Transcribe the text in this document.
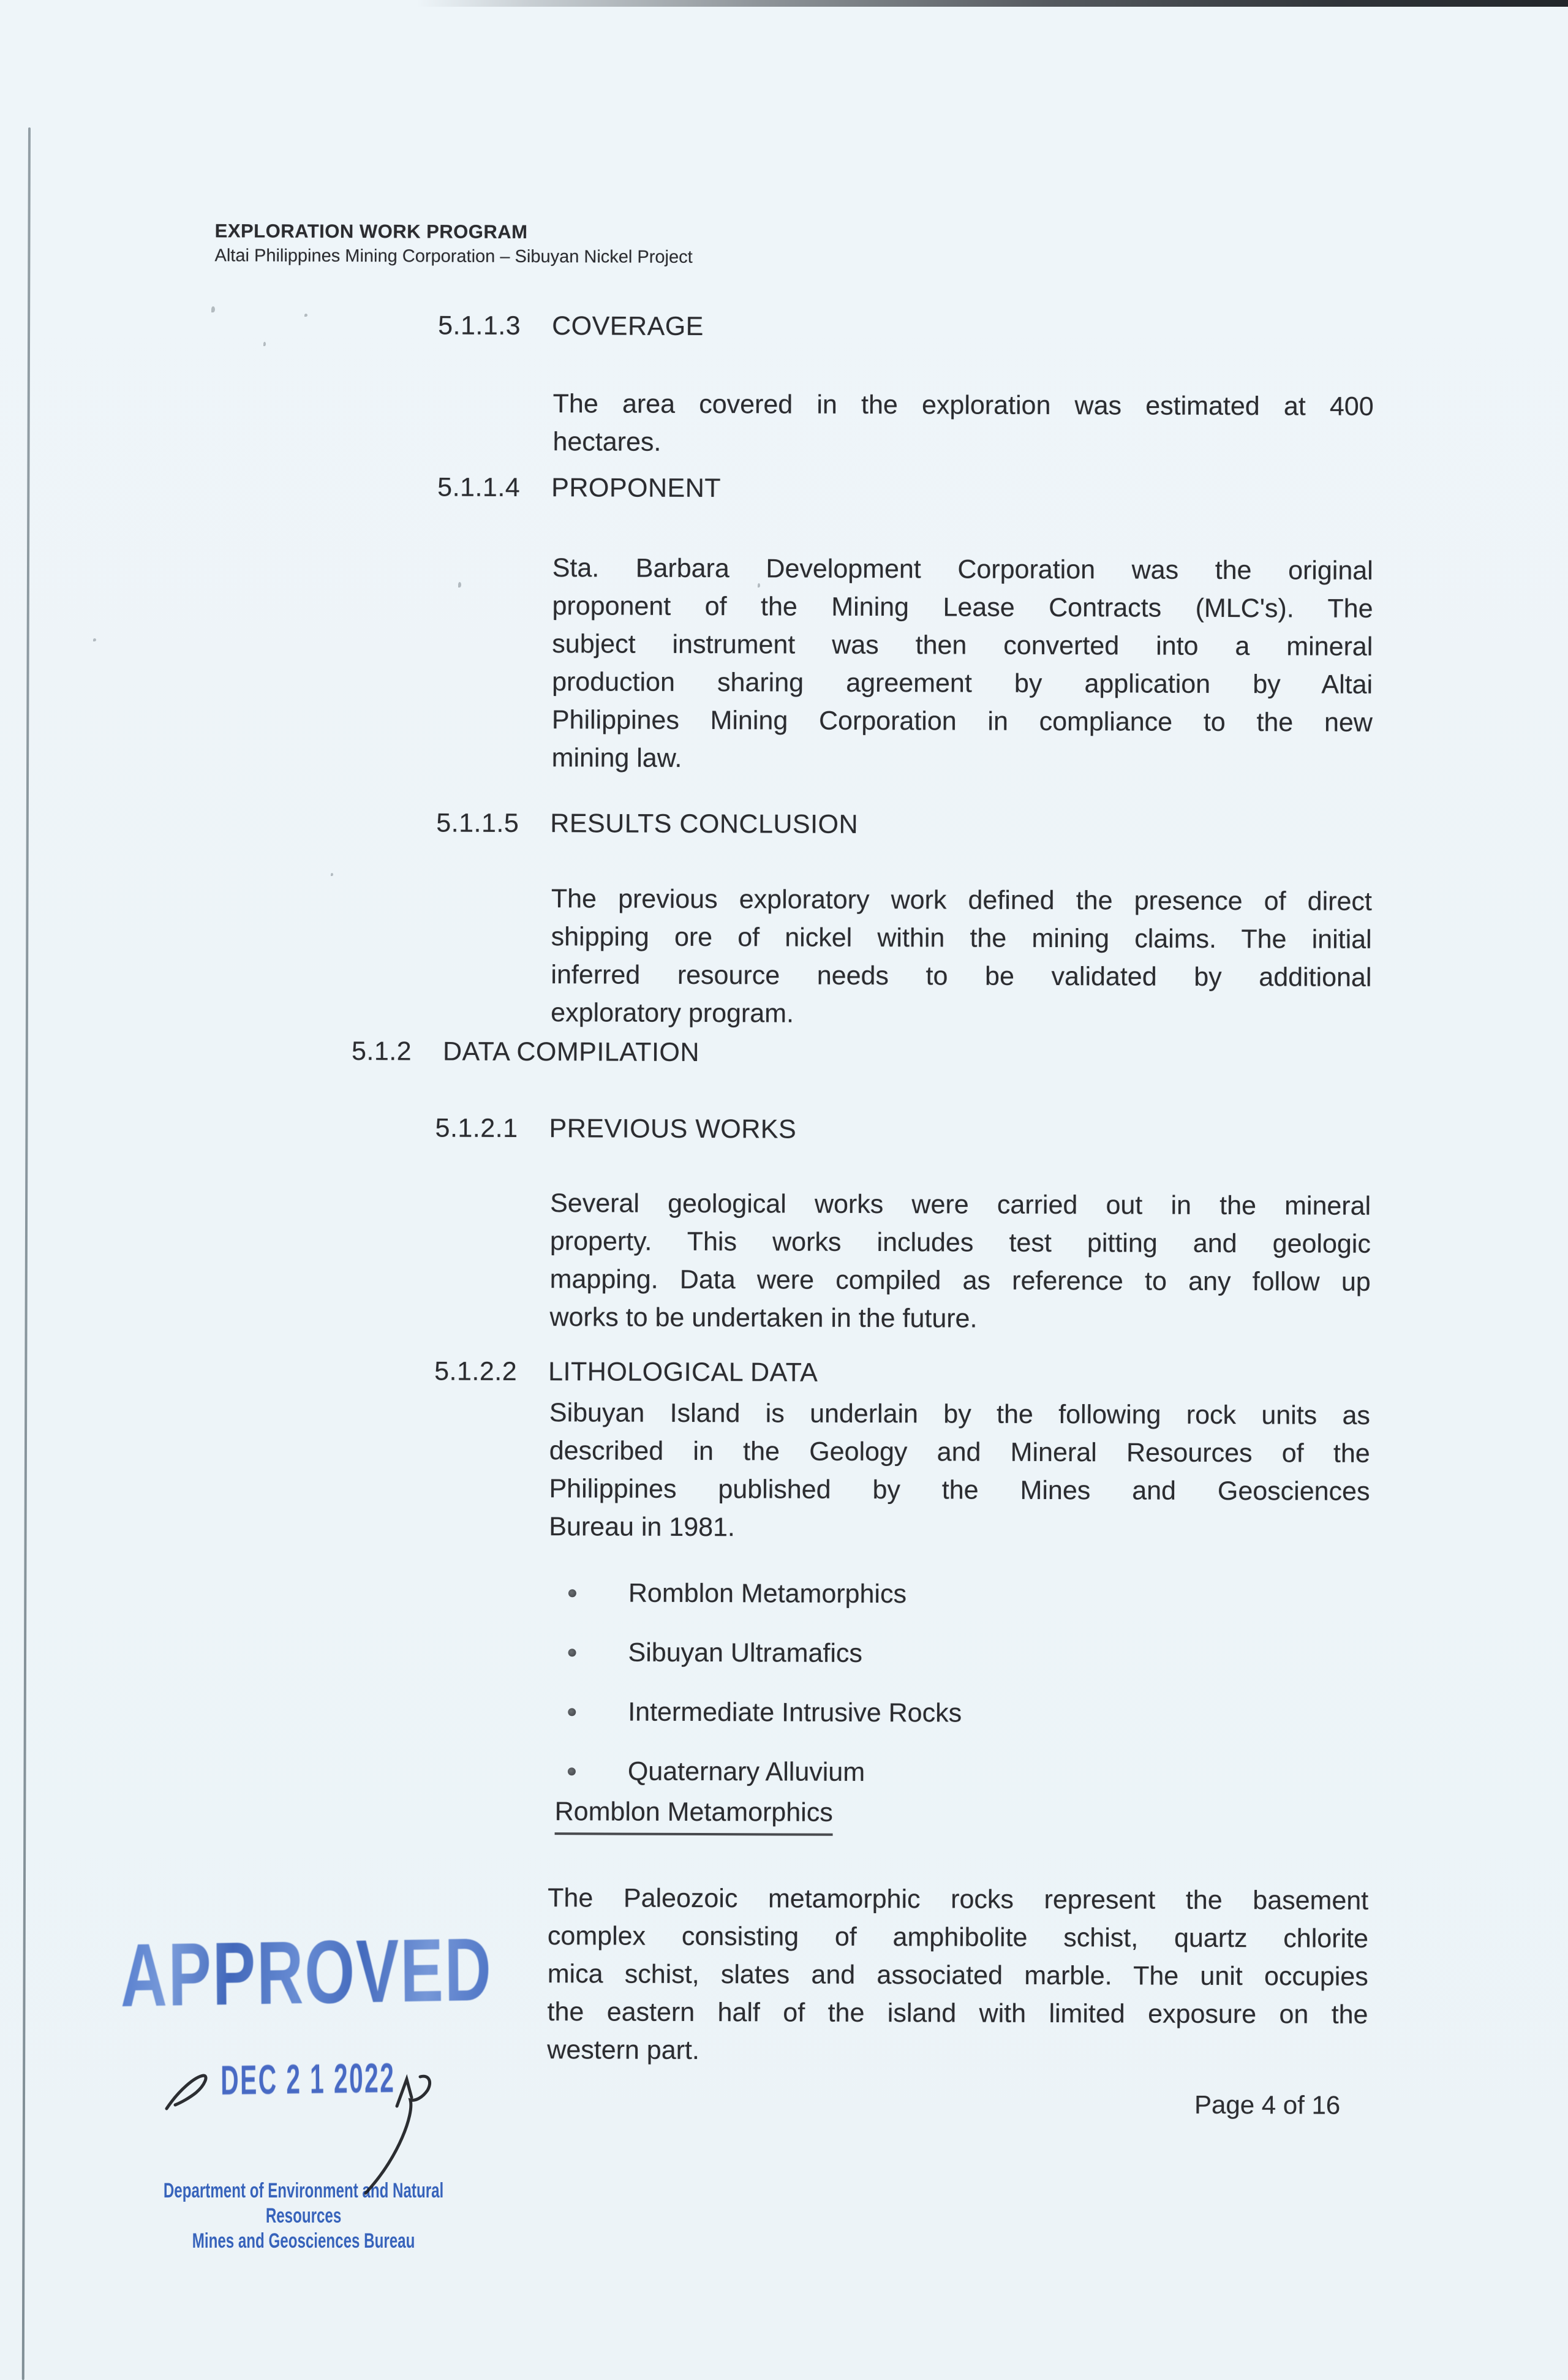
EXPLORATION WORK PROGRAM
Altai Philippines Mining Corporation – Sibuyan Nickel Project
5.1.1.3 COVERAGE
The area covered in the exploration was estimated at 400
hectares.
5.1.1.4 PROPONENT
Sta. Barbara Development Corporation was the original
proponent of the Mining Lease Contracts (MLC's). The
subject instrument was then converted into a mineral
production sharing agreement by application by Altai
Philippines Mining Corporation in compliance to the new
mining law.
5.1.1.5 RESULTS CONCLUSION
The previous exploratory work defined the presence of direct
shipping ore of nickel within the mining claims. The initial
inferred resource needs to be validated by additional
exploratory program.
5.1.2 DATA COMPILATION
5.1.2.1 PREVIOUS WORKS
Several geological works were carried out in the mineral
property. This works includes test pitting and geologic
mapping. Data were compiled as reference to any follow up
works to be undertaken in the future.
5.1.2.2 LITHOLOGICAL DATA
Sibuyan Island is underlain by the following rock units as
described in the Geology and Mineral Resources of the
Philippines published by the Mines and Geosciences
Bureau in 1981.
Romblon Metamorphics
Sibuyan Ultramafics
Intermediate Intrusive Rocks
Quaternary Alluvium
Romblon Metamorphics
The Paleozoic metamorphic rocks represent the basement
complex consisting of amphibolite schist, quartz chlorite
mica schist, slates and associated marble. The unit occupies
the eastern half of the island with limited exposure on the
western part.
Page 4 of 16
APPROVED
DEC 2 1 2022
Department of Environment and Natural Resources
Mines and Geosciences Bureau
